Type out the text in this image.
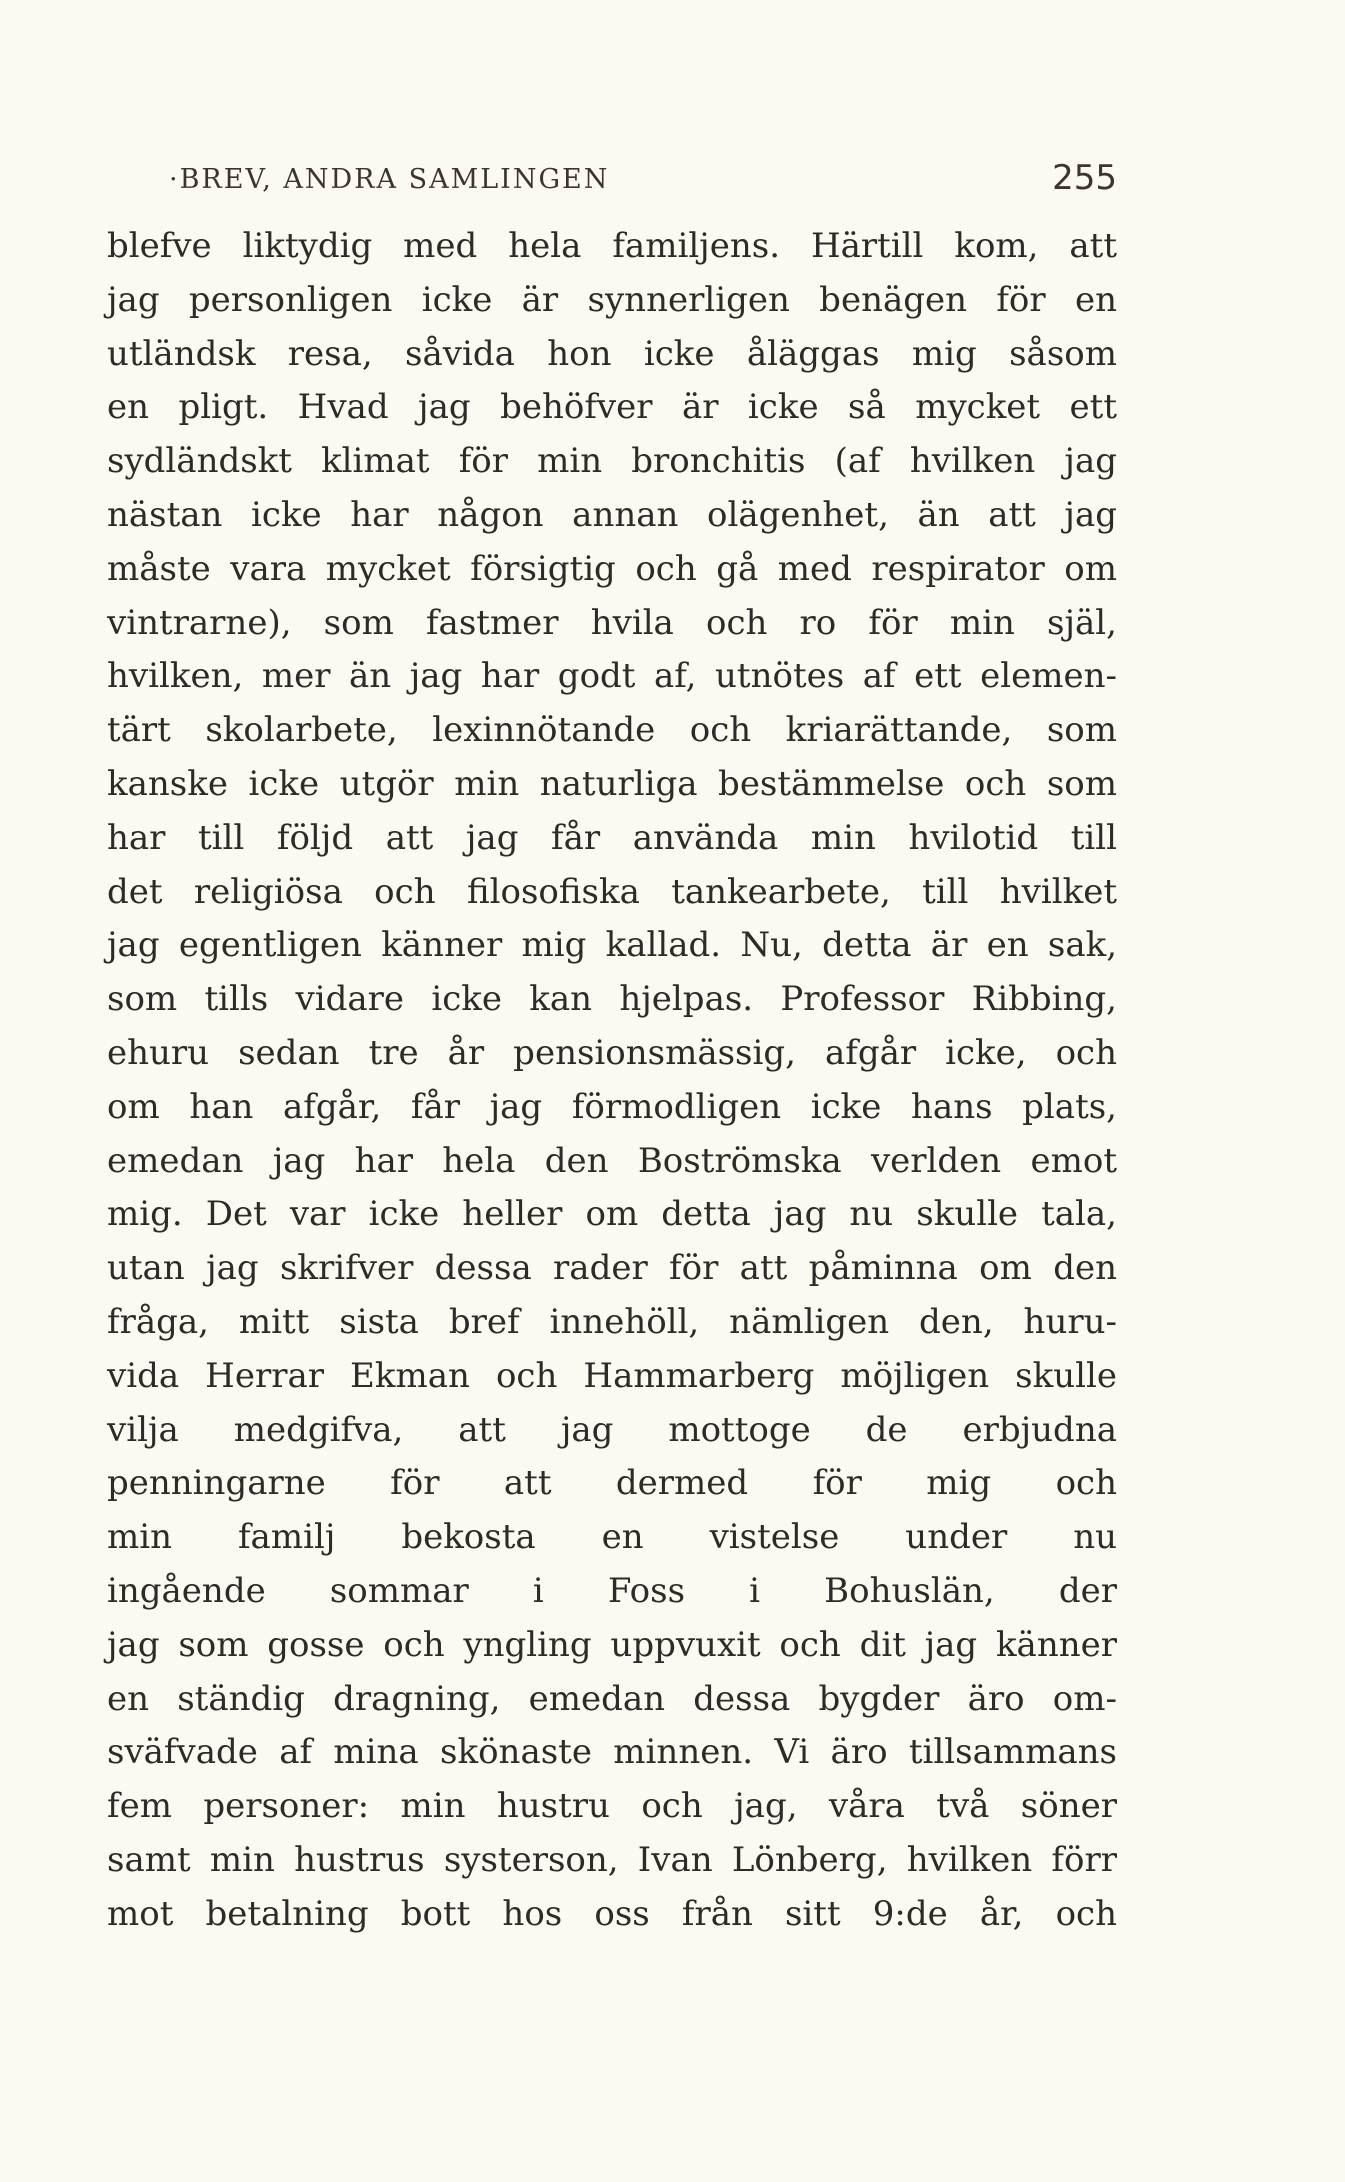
·BREV, ANDRA SAMLINGEN	255
blefve liktydig med hela familjens. Härtill kom, att
jag personligen icke är synnerligen benägen för en
utländsk resa, såvida hon icke åläggas mig såsom
en pligt. Hvad jag behöfver är icke så mycket ett
sydländskt klimat för min bronchitis (af hvilken jag
nästan icke har någon annan olägenhet, än att jag
måste vara mycket försigtig och gå med respirator om
vintrarne), som fastmer hvila och ro för min själ,
hvilken, mer än jag har godt af, utnötes af ett elemen-
tärt skolarbete, lexinnötande och kriarättande, som
kanske icke utgör min naturliga bestämmelse och som
har till följd att jag får använda min hvilotid till
det religiösa och filosofiska tankearbete, till hvilket
jag egentligen känner mig kallad. Nu, detta är en sak,
som tills vidare icke kan hjelpas. Professor Ribbing,
ehuru sedan tre år pensionsmässig, afgår icke, och
om han afgår, får jag förmodligen icke hans plats,
emedan jag har hela den Boströmska verlden emot
mig. Det var icke heller om detta jag nu skulle tala,
utan jag skrifver dessa rader för att påminna om den
fråga, mitt sista bref innehöll, nämligen den, huru-
vida Herrar Ekman och Hammarberg möjligen skulle
vilja medgifva, att jag mottoge de erbjudna
penningarne för att dermed för mig och
min familj bekosta en vistelse under nu
ingående sommar i Foss i Bohuslän, der
jag som gosse och yngling uppvuxit och dit jag känner
en ständig dragning, emedan dessa bygder äro om-
sväfvade af mina skönaste minnen. Vi äro tillsammans
fem personer: min hustru och jag, våra två söner
samt min hustrus systerson, Ivan Lönberg, hvilken förr
mot betalning bott hos oss från sitt 9:de år, och
